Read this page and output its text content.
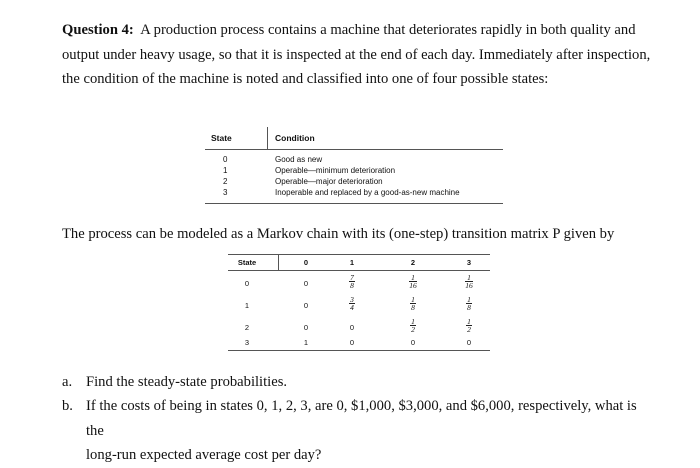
Question 4: A production process contains a machine that deteriorates rapidly in both quality and
output under heavy usage, so that it is inspected at the end of each day. Immediately after inspection,
the condition of the machine is noted and classified into one of four possible states:
State	Condition
0	Good as new
1	Operable—minimum deterioration
2	Operable—major deterioration
3	Inoperable and replaced by a good-as-new machine
The process can be modeled as a Markov chain with its (one-step) transition matrix P given by
State	0	1	2	3
0	0	$\frac{7}{8}$	$\frac{1}{16}$	$\frac{1}{16}$
1	0	$\frac{3}{4}$	$\frac{1}{8}$	$\frac{1}{8}$
2	0	0	$\frac{1}{2}$	$\frac{1}{2}$
3	1	0	0	0
a. Find the steady-state probabilities.
b. If the costs of being in states 0, 1, 2, 3, are 0, $1,000, $3,000, and $6,000, respectively, what is the
long-run expected average cost per day?
